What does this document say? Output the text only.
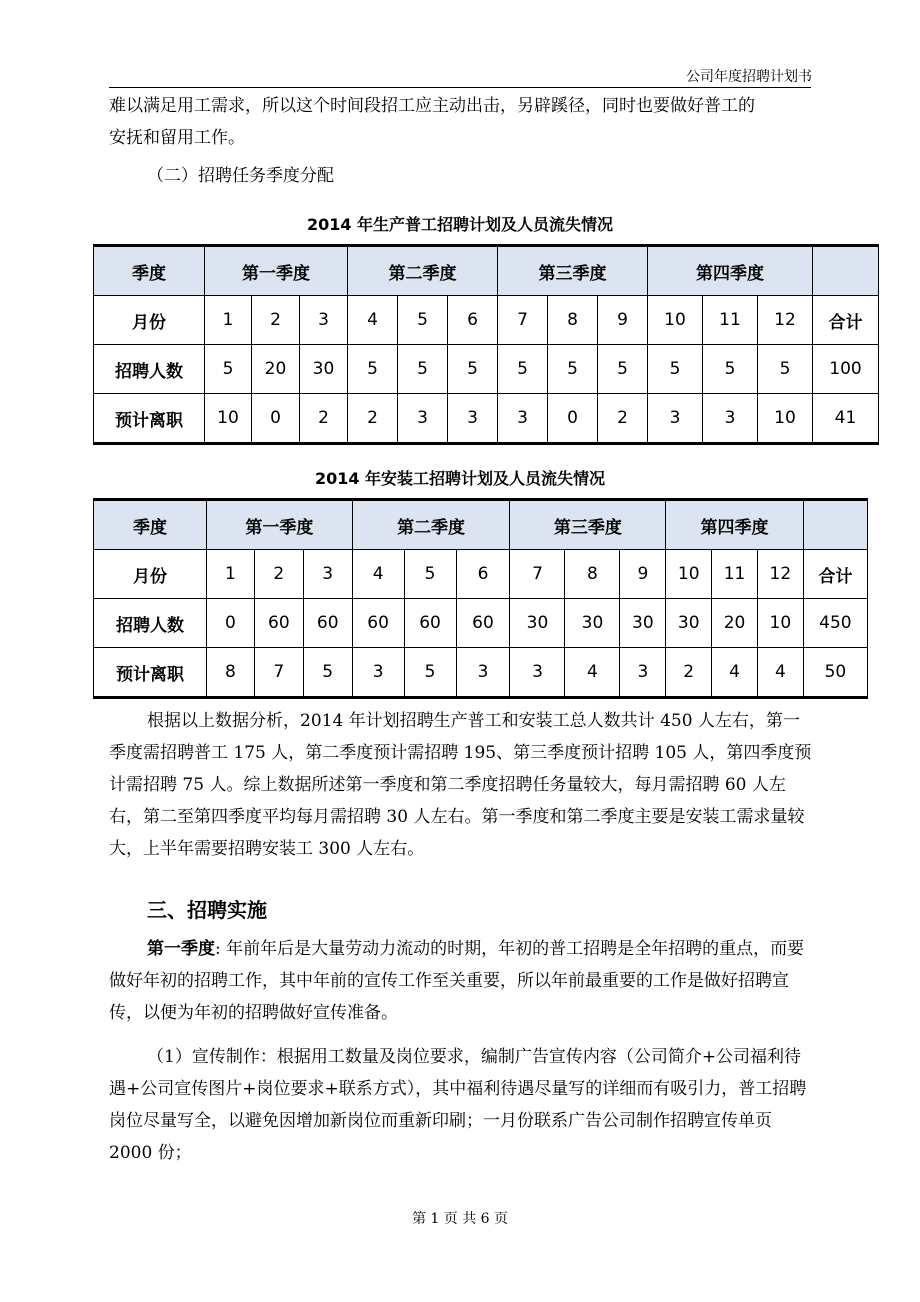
公司年度招聘计划书

难以满足用工需求，所以这个时间段招工应主动出击，另辟蹊径，同时也要做好普工的

安抚和留用工作。

（二）招聘任务季度分配

2014 年生产普工招聘计划及人员流失情况
季度	第一季度			第二季度			第三季度			第四季度			
月份	1	2	3	4	5	6	7	8	9	10	11	12	合计
招聘人数	5	20	30	5	5	5	5	5	5	5	5	5	100
预计离职	10	0	2	2	3	3	3	0	2	3	3	10	41
2014 年安装工招聘计划及人员流失情况
季度	第一季度			第二季度			第三季度			第四季度			
月份	1	2	3	4	5	6	7	8	9	10	11	12	合计
招聘人数	0	60	60	60	60	60	30	30	30	30	20	10	450
预计离职	8	7	5	3	5	3	3	4	3	2	4	4	50

根据以上数据分析，2014 年计划招聘生产普工和安装工总人数共计 450 人左右，第一季度需招聘普工 175 人，第二季度预计需招聘 195、第三季度预计招聘 105 人，第四季度预计需招聘 75 人。综上数据所述第一季度和第二季度招聘任务量较大，每月需招聘 60 人左右，第二至第四季度平均每月需招聘 30 人左右。第一季度和第二季度主要是安装工需求量较大，上半年需要招聘安装工 300 人左右。

三、招聘实施

第一季度: 年前年后是大量劳动力流动的时期，年初的普工招聘是全年招聘的重点，而要做好年初的招聘工作，其中年前的宣传工作至关重要，所以年前最重要的工作是做好招聘宣传，以便为年初的招聘做好宣传准备。

（1）宣传制作：根据用工数量及岗位要求，编制广告宣传内容（公司简介+公司福利待遇+公司宣传图片+岗位要求+联系方式），其中福利待遇尽量写的详细而有吸引力，普工招聘岗位尽量写全，以避免因增加新岗位而重新印刷；一月份联系广告公司制作招聘宣传单页 2000 份；

第 1 页 共 6 页
